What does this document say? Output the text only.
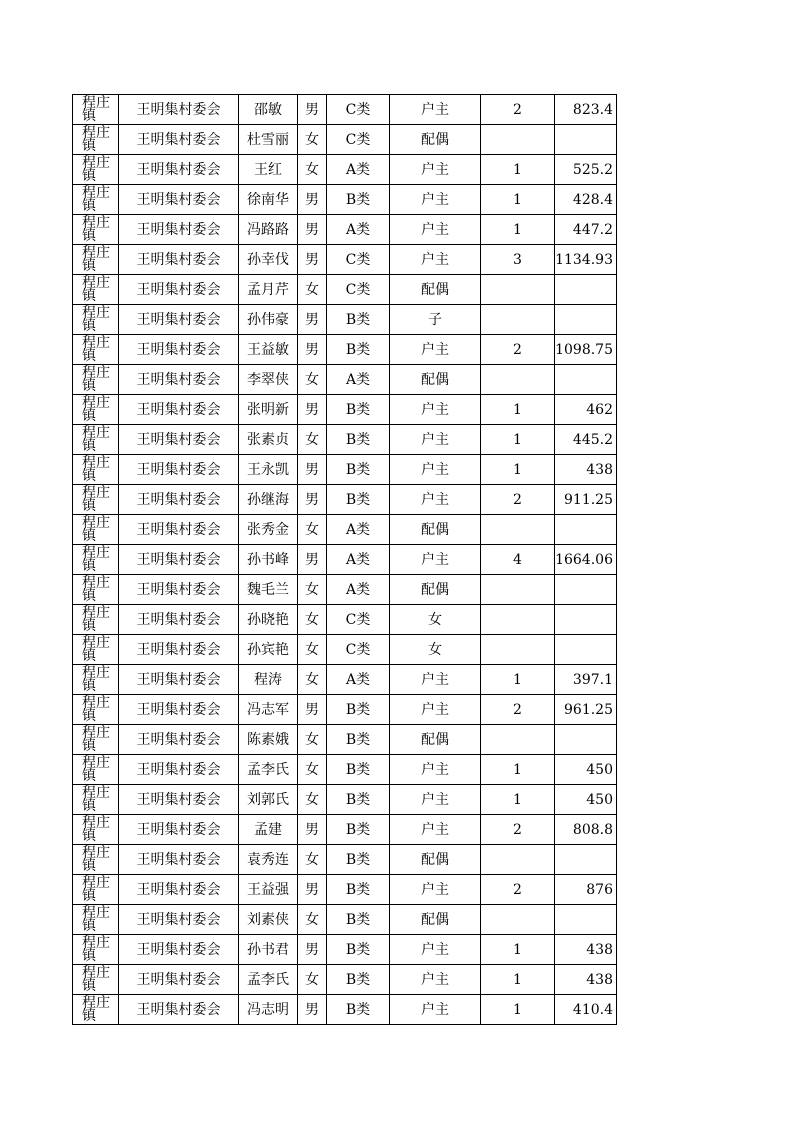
程庄镇	王明集村委会	邵敏	男	C类	户主	2	823.4

程庄镇	王明集村委会	杜雪丽	女	C类	配偶		

程庄镇	王明集村委会	王红	女	A类	户主	1	525.2

程庄镇	王明集村委会	徐南华	男	B类	户主	1	428.4

程庄镇	王明集村委会	冯路路	男	A类	户主	1	447.2

程庄镇	王明集村委会	孙幸伐	男	C类	户主	3	1134.93

程庄镇	王明集村委会	孟月芹	女	C类	配偶		

程庄镇	王明集村委会	孙伟豪	男	B类	子		

程庄镇	王明集村委会	王益敏	男	B类	户主	2	1098.75

程庄镇	王明集村委会	李翠侠	女	A类	配偶		

程庄镇	王明集村委会	张明新	男	B类	户主	1	462

程庄镇	王明集村委会	张素贞	女	B类	户主	1	445.2

程庄镇	王明集村委会	王永凯	男	B类	户主	1	438

程庄镇	王明集村委会	孙继海	男	B类	户主	2	911.25

程庄镇	王明集村委会	张秀金	女	A类	配偶		

程庄镇	王明集村委会	孙书峰	男	A类	户主	4	1664.06

程庄镇	王明集村委会	魏毛兰	女	A类	配偶		

程庄镇	王明集村委会	孙晓艳	女	C类	女		

程庄镇	王明集村委会	孙宾艳	女	C类	女		

程庄镇	王明集村委会	程涛	女	A类	户主	1	397.1

程庄镇	王明集村委会	冯志军	男	B类	户主	2	961.25

程庄镇	王明集村委会	陈素娥	女	B类	配偶		

程庄镇	王明集村委会	孟李氏	女	B类	户主	1	450

程庄镇	王明集村委会	刘郭氏	女	B类	户主	1	450

程庄镇	王明集村委会	孟建	男	B类	户主	2	808.8

程庄镇	王明集村委会	袁秀连	女	B类	配偶		

程庄镇	王明集村委会	王益强	男	B类	户主	2	876

程庄镇	王明集村委会	刘素侠	女	B类	配偶		

程庄镇	王明集村委会	孙书君	男	B类	户主	1	438

程庄镇	王明集村委会	孟李氏	女	B类	户主	1	438

程庄镇	王明集村委会	冯志明	男	B类	户主	1	410.4
